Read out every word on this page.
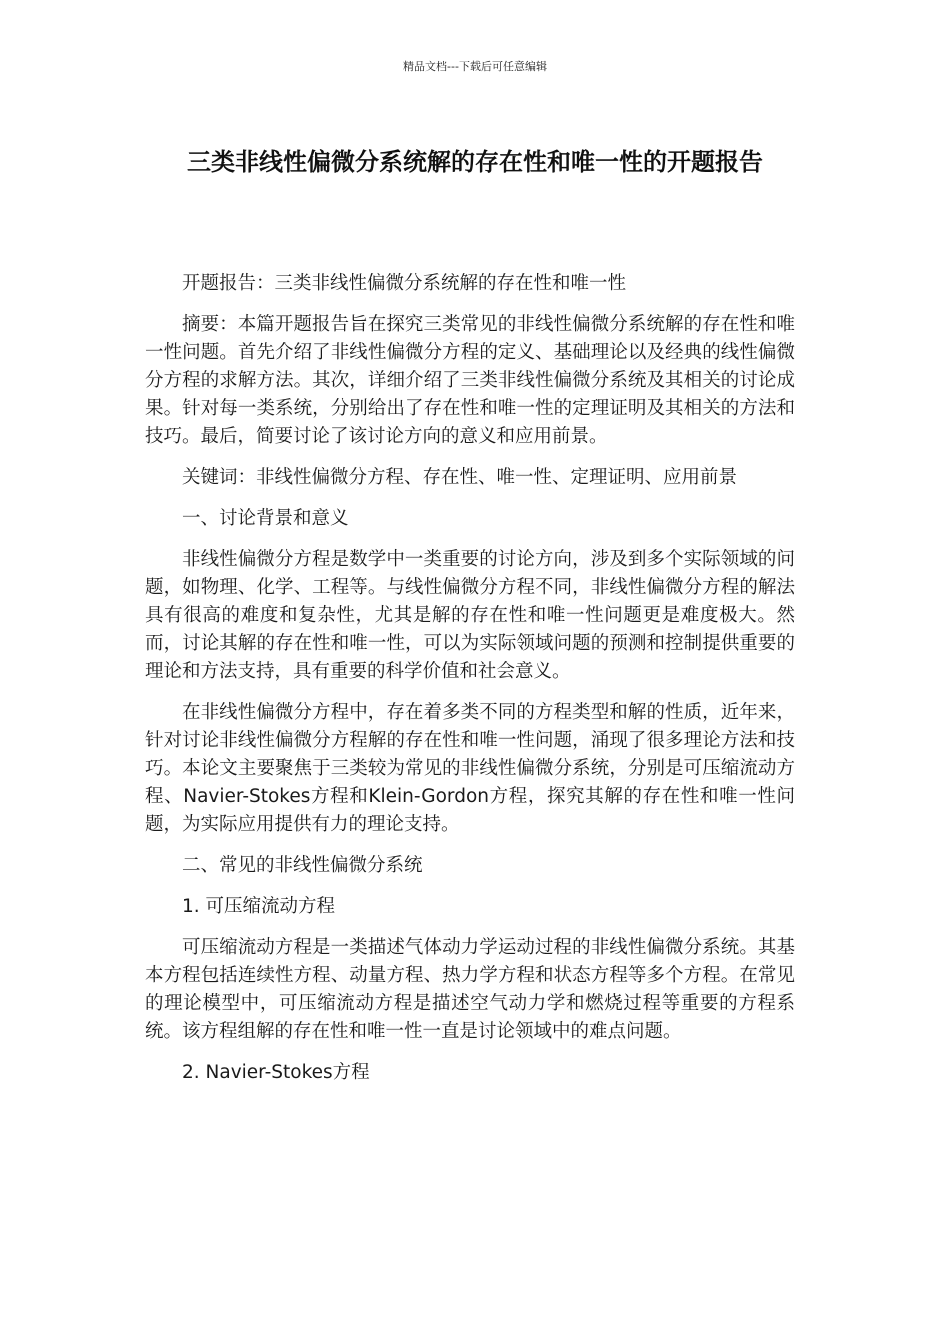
精品文档---下载后可任意编辑
三类非线性偏微分系统解的存在性和唯一性的开题报告

开题报告：三类非线性偏微分系统解的存在性和唯一性

摘要：本篇开题报告旨在探究三类常见的非线性偏微分系统解的存在性和唯一性问题。首先介绍了非线性偏微分方程的定义、基础理论以及经典的线性偏微分方程的求解方法。其次，详细介绍了三类非线性偏微分系统及其相关的讨论成果。针对每一类系统，分别给出了存在性和唯一性的定理证明及其相关的方法和技巧。最后，简要讨论了该讨论方向的意义和应用前景。

关键词：非线性偏微分方程、存在性、唯一性、定理证明、应用前景

一、讨论背景和意义

非线性偏微分方程是数学中一类重要的讨论方向，涉及到多个实际领域的问题，如物理、化学、工程等。与线性偏微分方程不同，非线性偏微分方程的解法具有很高的难度和复杂性，尤其是解的存在性和唯一性问题更是难度极大。然而，讨论其解的存在性和唯一性，可以为实际领域问题的预测和控制提供重要的理论和方法支持，具有重要的科学价值和社会意义。

在非线性偏微分方程中，存在着多类不同的方程类型和解的性质，近年来，针对讨论非线性偏微分方程解的存在性和唯一性问题，涌现了很多理论方法和技巧。本论文主要聚焦于三类较为常见的非线性偏微分系统，分别是可压缩流动方程、Navier-Stokes方程和Klein-Gordon方程，探究其解的存在性和唯一性问题，为实际应用提供有力的理论支持。

二、常见的非线性偏微分系统

1. 可压缩流动方程

可压缩流动方程是一类描述气体动力学运动过程的非线性偏微分系统。其基本方程包括连续性方程、动量方程、热力学方程和状态方程等多个方程。在常见的理论模型中，可压缩流动方程是描述空气动力学和燃烧过程等重要的方程系统。该方程组解的存在性和唯一性一直是讨论领域中的难点问题。

2. Navier-Stokes方程
